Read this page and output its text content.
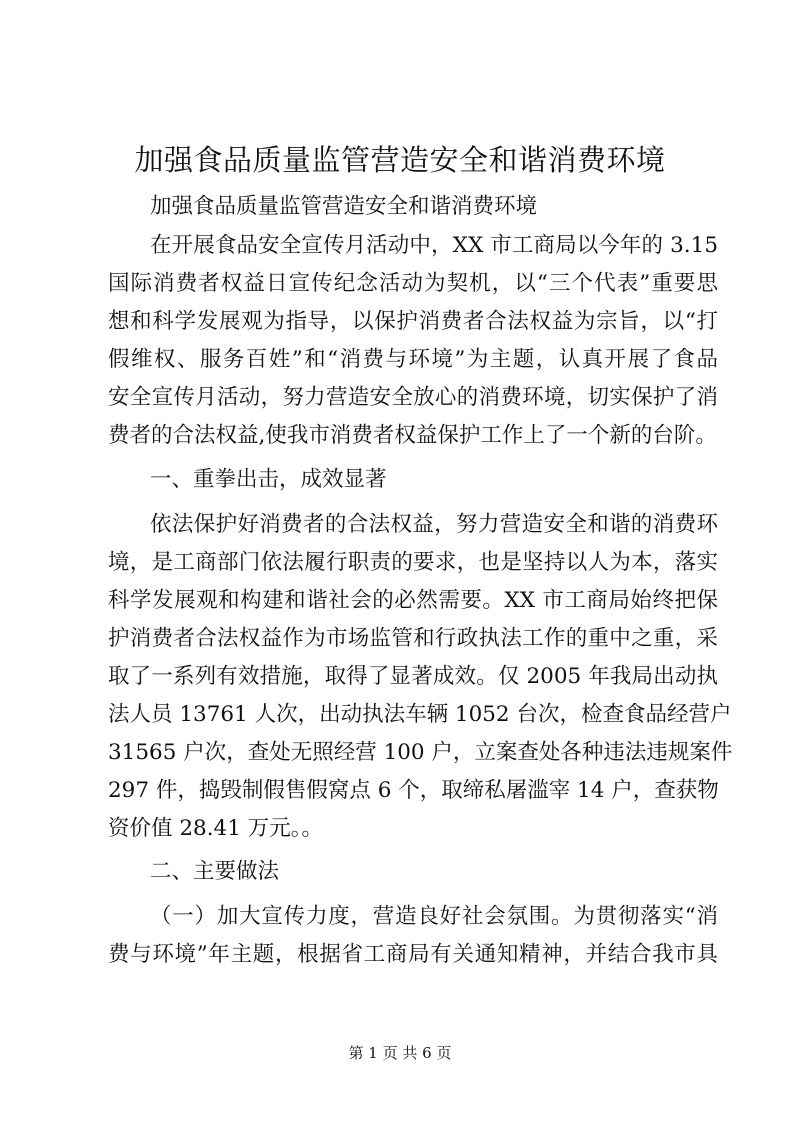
加强食品质量监管营造安全和谐消费环境
加强食品质量监管营造安全和谐消费环境
在开展食品安全宣传月活动中，XX 市工商局以今年的 3.15
国际消费者权益日宣传纪念活动为契机，以“三个代表”重要思
想和科学发展观为指导，以保护消费者合法权益为宗旨，以“打
假维权、服务百姓”和“消费与环境”为主题，认真开展了食品
安全宣传月活动，努力营造安全放心的消费环境，切实保护了消
费者的合法权益,使我市消费者权益保护工作上了一个新的台阶。
一、重拳出击，成效显著
依法保护好消费者的合法权益，努力营造安全和谐的消费环
境，是工商部门依法履行职责的要求，也是坚持以人为本，落实
科学发展观和构建和谐社会的必然需要。XX 市工商局始终把保
护消费者合法权益作为市场监管和行政执法工作的重中之重，采
取了一系列有效措施，取得了显著成效。仅 2005 年我局出动执
法人员 13761 人次，出动执法车辆 1052 台次，检查食品经营户
31565 户次，查处无照经营 100 户，立案查处各种违法违规案件
297 件，捣毁制假售假窝点 6 个，取缔私屠滥宰 14 户，查获物
资价值 28.41 万元。。
二、主要做法
（一）加大宣传力度，营造良好社会氛围。为贯彻落实“消
费与环境”年主题，根据省工商局有关通知精神，并结合我市具
第 1 页 共 6 页
